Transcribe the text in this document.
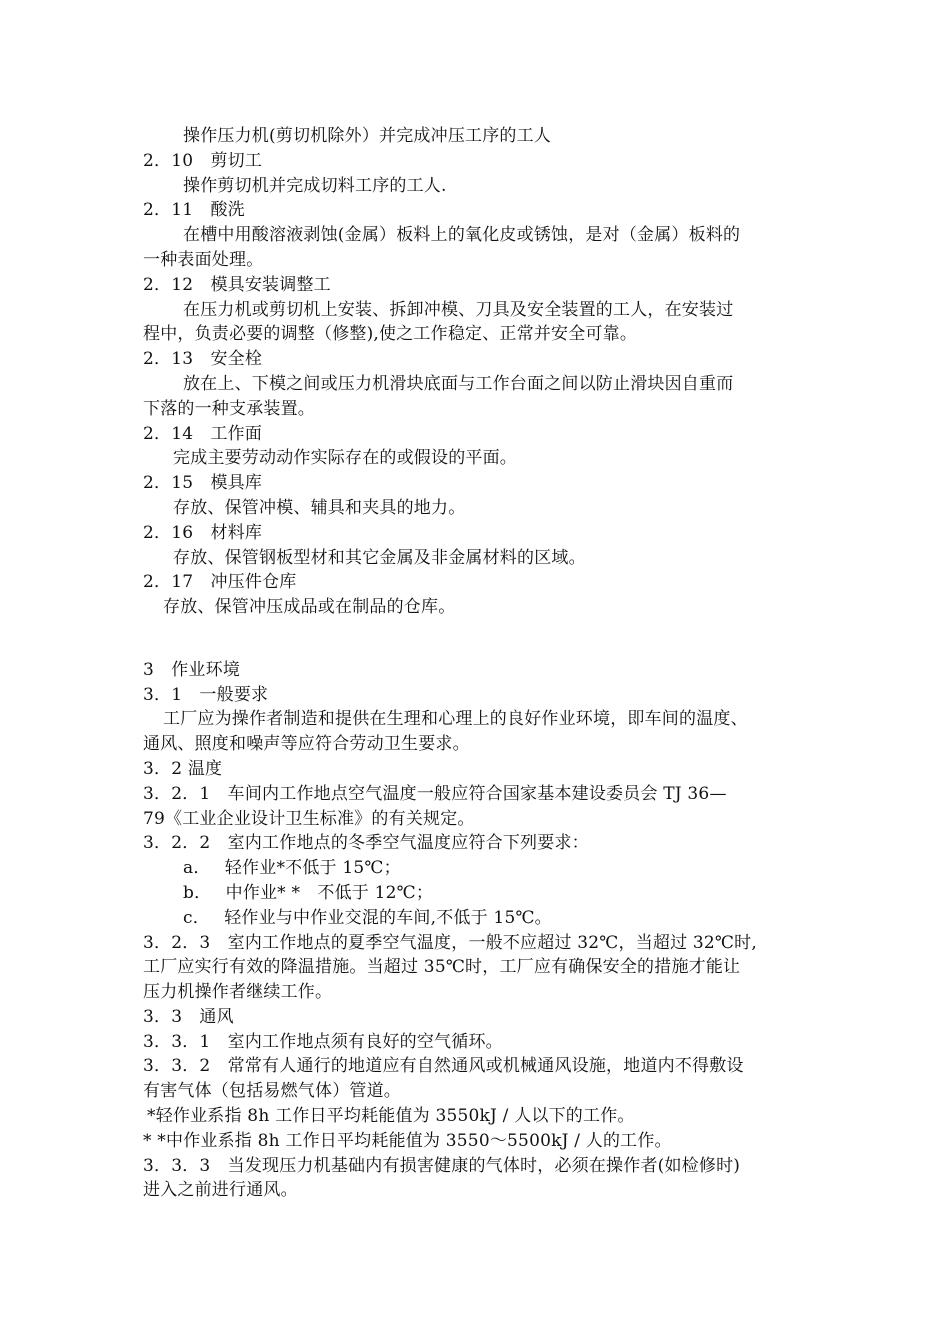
操作压力机(剪切机除外）并完成冲压工序的工人
2．10　剪切工
操作剪切机并完成切料工序的工人.
2．11　酸洗
在槽中用酸溶液剥蚀(金属）板料上的氧化皮或锈蚀，是对（金属）板料的
一种表面处理。
2．12　模具安装调整工
在压力机或剪切机上安装、拆卸冲模、刀具及安全装置的工人，在安装过
程中，负责必要的调整（修整),使之工作稳定、正常并安全可靠。
2．13　安全栓
放在上、下模之间或压力机滑块底面与工作台面之间以防止滑块因自重而
下落的一种支承装置。
2．14　工作面
完成主要劳动动作实际存在的或假设的平面。
2．15　模具库
存放、保管冲模、辅具和夹具的地力。
2．16　材料库
存放、保管钢板型材和其它金属及非金属材料的区域。
2．17　冲压件仓库
存放、保管冲压成品或在制品的仓库。
3　作业环境
3．1　一般要求
工厂应为操作者制造和提供在生理和心理上的良好作业环境，即车间的温度、
通风、照度和噪声等应符合劳动卫生要求。
3．2 温度
3．2．1　车间内工作地点空气温度一般应符合国家基本建设委员会 TJ 36—
79《工业企业设计卫生标准》的有关规定。
3．2．2　室内工作地点的冬季空气温度应符合下列要求：
a．　 轻作业*不低于 15℃；
b．　 中作业* *　不低于 12℃；
c．　 轻作业与中作业交混的车间,不低于 15℃。
3．2．3　室内工作地点的夏季空气温度，一般不应超过 32℃，当超过 32℃时,
工厂应实行有效的降温措施。当超过 35℃时，工厂应有确保安全的措施才能让
压力机操作者继续工作。
3．3　通风
3．3．1　室内工作地点须有良好的空气循环。
3．3．2　常常有人通行的地道应有自然通风或机械通风设施，地道内不得敷设
有害气体（包括易燃气体）管道。
*轻作业系指 8h 工作日平均耗能值为 3550kJ / 人以下的工作。
* *中作业系指 8h 工作日平均耗能值为 3550～5500kJ / 人的工作。
3．3．3　当发现压力机基础内有损害健康的气体时，必须在操作者(如检修时)
进入之前进行通风。
